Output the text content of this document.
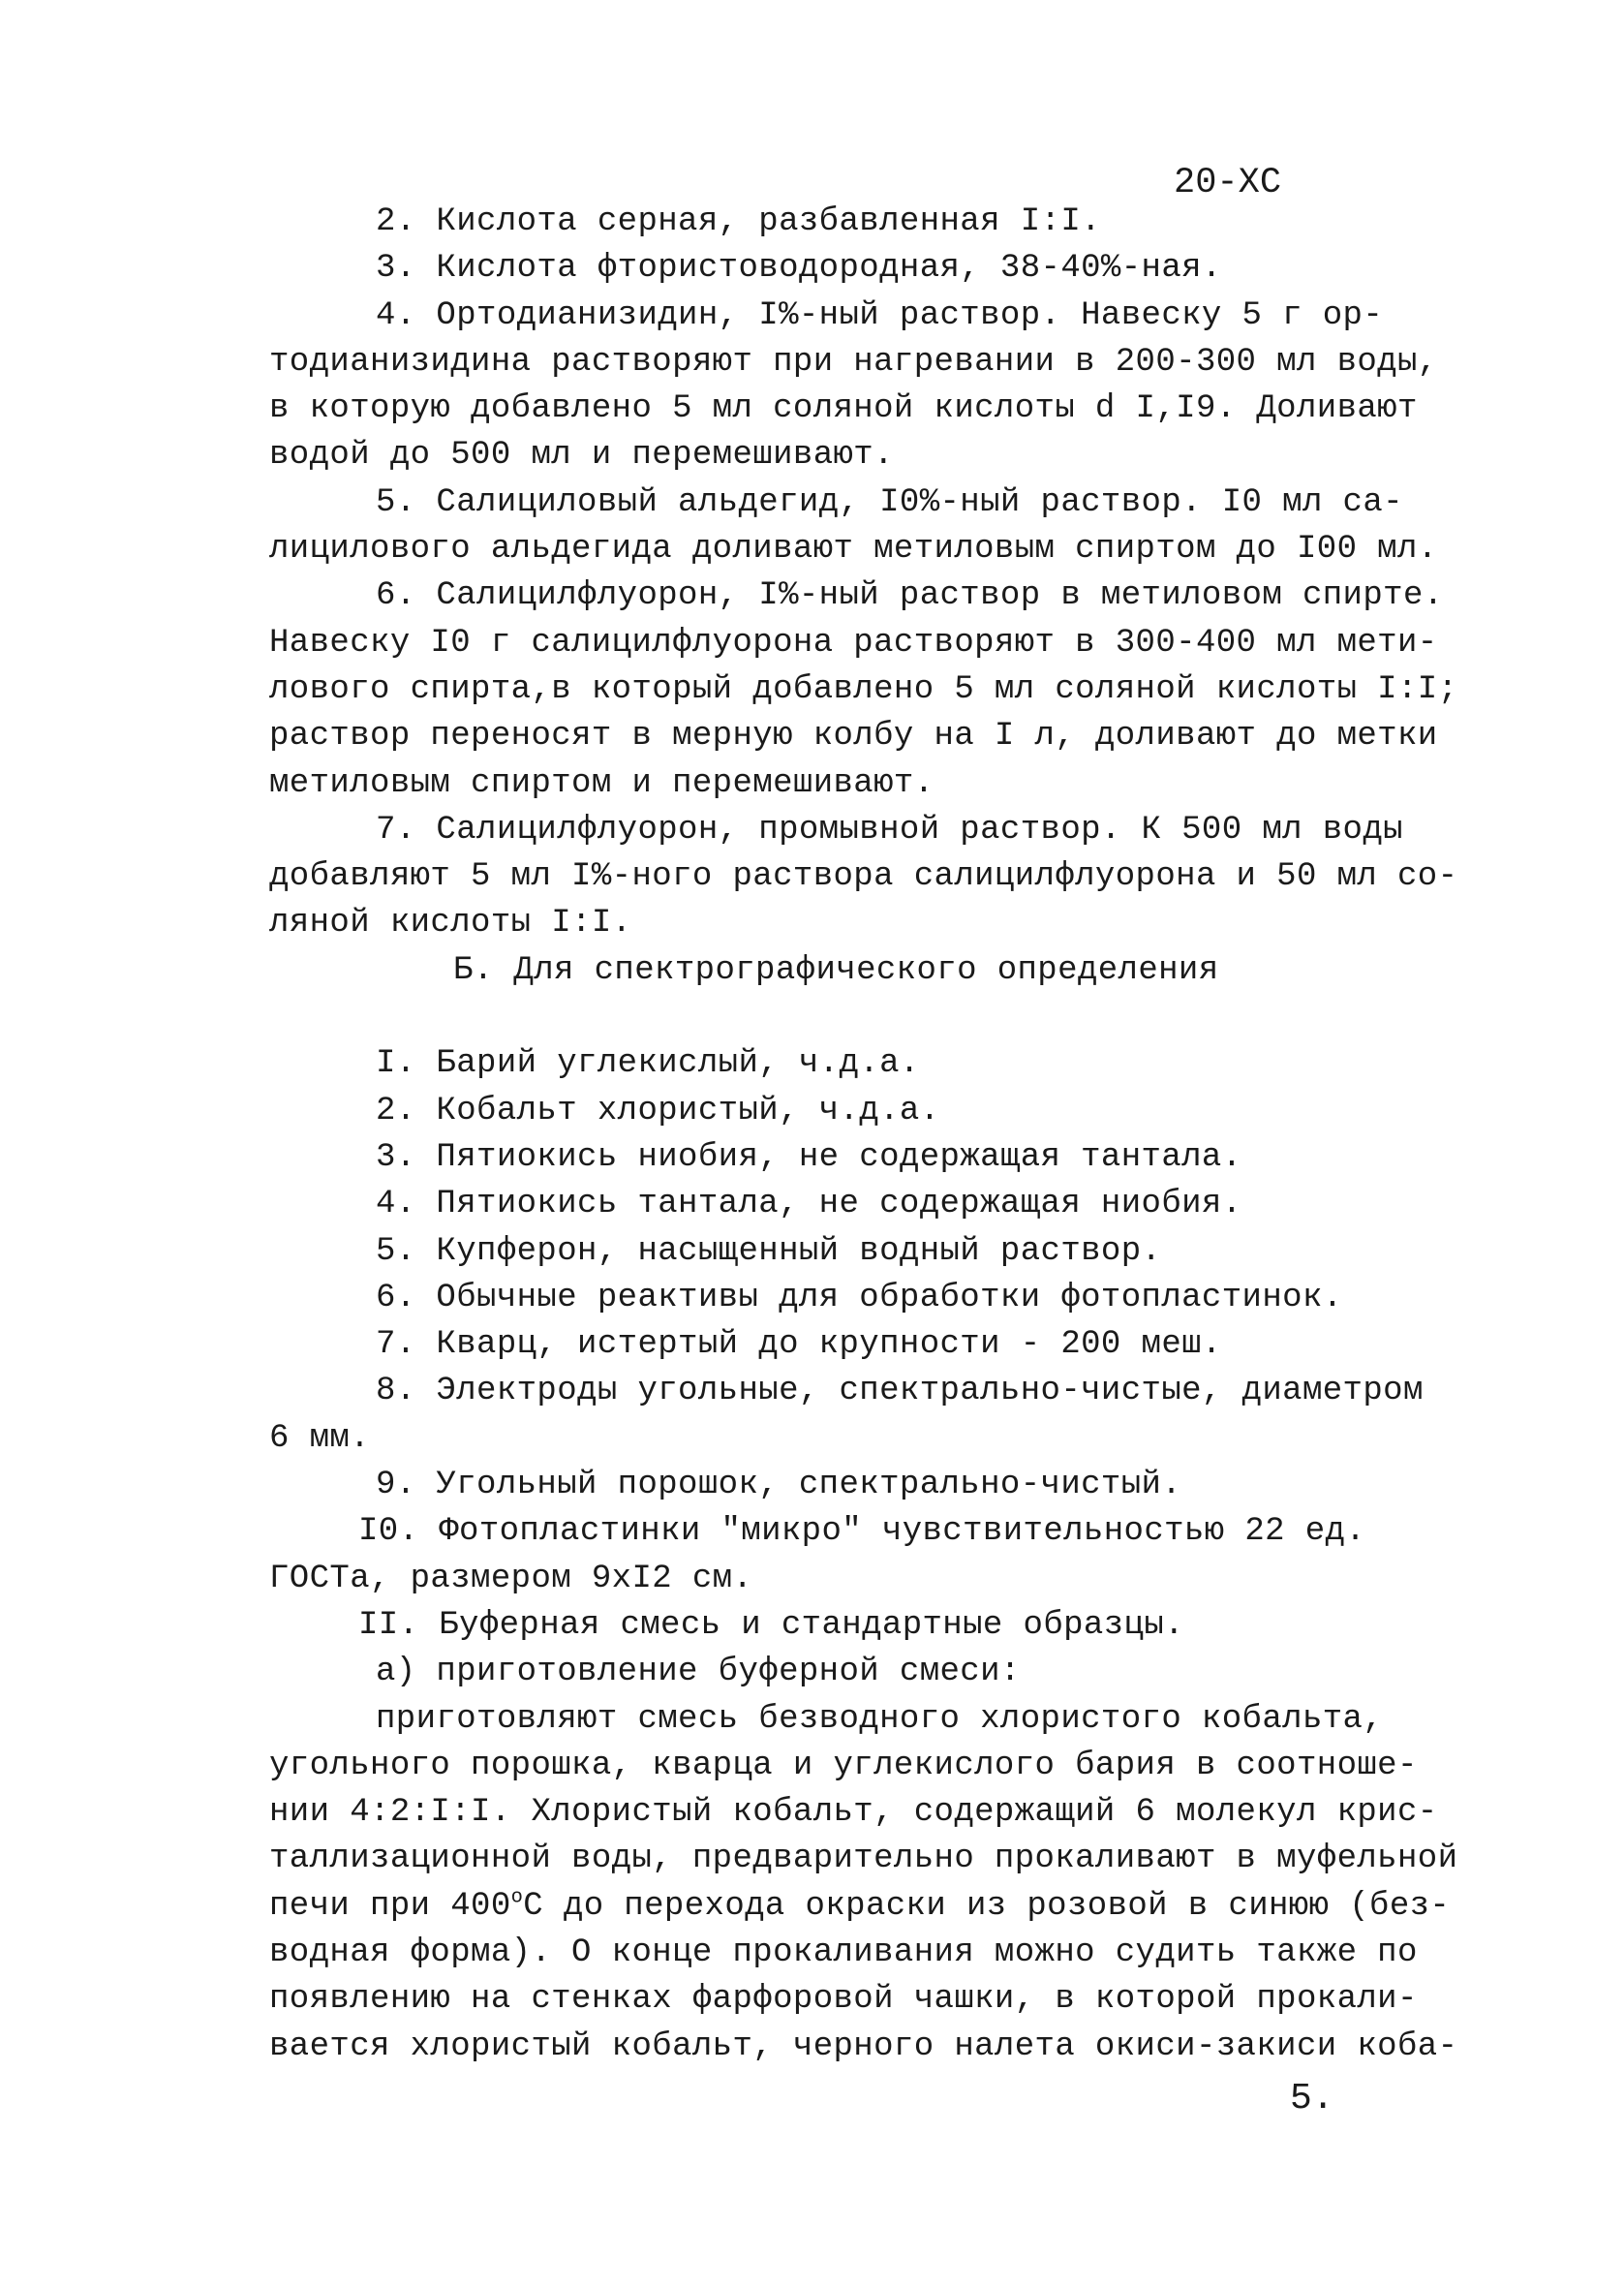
20-ХС
2. Кислота серная, разбавленная I:I.
3. Кислота фтористоводородная, 38-40%-ная.
4. Ортодианизидин, I%-ный раствор. Навеску 5 г ор-
тодианизидина растворяют при нагревании в 200-300 мл воды,
в которую добавлено 5 мл соляной кислоты d I,I9. Доливают
водой до 500 мл и перемешивают.
5. Салициловый альдегид, I0%-ный раствор. I0 мл са-
лицилового альдегида доливают метиловым спиртом до I00 мл.
6. Салицилфлуорон, I%-ный раствор в метиловом спирте.
Навеску I0 г салицилфлуорона растворяют в 300-400 мл мети-
лового спирта,в который добавлено 5 мл соляной кислоты I:I;
раствор переносят в мерную колбу на I л, доливают до метки
метиловым спиртом и перемешивают.
7. Салицилфлуорон, промывной раствор. К 500 мл воды
добавляют 5 мл I%-ного раствора салицилфлуорона и 50 мл со-
ляной кислоты I:I.
Б. Для спектрографического определения
I. Барий углекислый, ч.д.а.
2. Кобальт хлористый, ч.д.а.
3. Пятиокись ниобия, не содержащая тантала.
4. Пятиокись тантала, не содержащая ниобия.
5. Купферон, насыщенный водный раствор.
6. Обычные реактивы для обработки фотопластинок.
7. Кварц, истертый до крупности - 200 меш.
8. Электроды угольные, спектрально-чистые, диаметром
6 мм.
9. Угольный порошок, спектрально-чистый.
I0. Фотопластинки "микро" чувствительностью 22 ед.
ГОСТа, размером 9хI2 см.
II. Буферная смесь и стандартные образцы.
а) приготовление буферной смеси:
приготовляют смесь безводного хлористого кобальта,
угольного порошка, кварца и углекислого бария в соотноше-
нии 4:2:I:I. Хлористый кобальт, содержащий 6 молекул крис-
таллизационной воды, предварительно прокаливают в муфельной
печи при $400^оС$ до перехода окраски из розовой в синюю (без-
водная форма). О конце прокаливания можно судить также по
появлению на стенках фарфоровой чашки, в которой прокали-
вается хлористый кобальт, черного налета окиси-закиси коба-
5.
